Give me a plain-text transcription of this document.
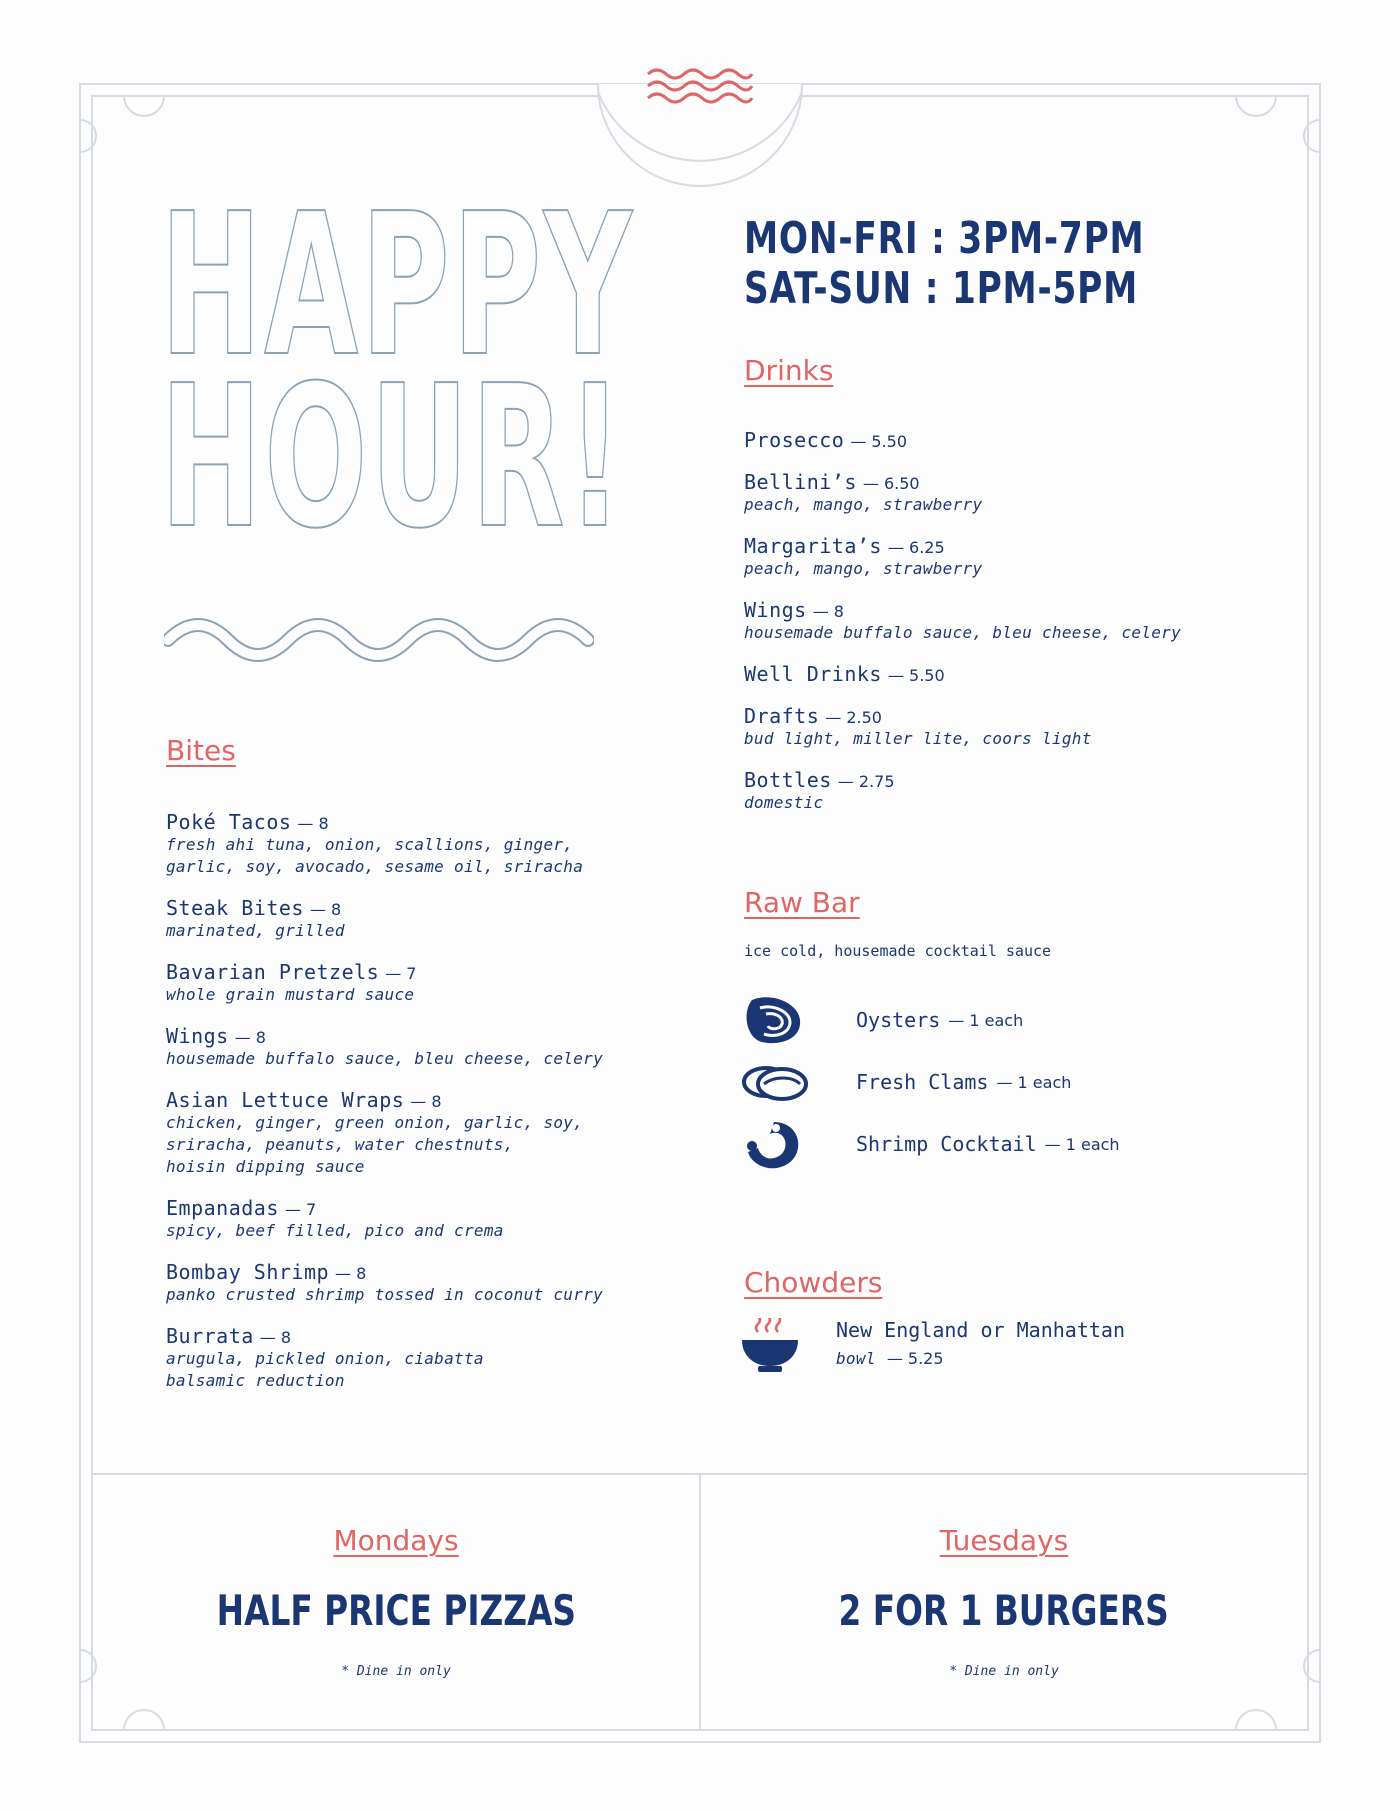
HAPPY
HOUR!
MON-FRI : 3PM-7PM
SAT-SUN : 1PM-5PM
Drinks
Prosecco — 5.50
Bellini’s — 6.50
peach, mango, strawberry
Margarita’s — 6.25
peach, mango, strawberry
Wings — 8
housemade buffalo sauce, bleu cheese, celery
Well Drinks — 5.50
Drafts — 2.50
bud light, miller lite, coors light
Bottles — 2.75
domestic
Bites
Poké Tacos — 8
fresh ahi tuna, onion, scallions, ginger,
garlic, soy, avocado, sesame oil, sriracha
Steak Bites — 8
marinated, grilled
Bavarian Pretzels — 7
whole grain mustard sauce
Wings — 8
housemade buffalo sauce, bleu cheese, celery
Asian Lettuce Wraps — 8
chicken, ginger, green onion, garlic, soy,
sriracha, peanuts, water chestnuts,
hoisin dipping sauce
Empanadas — 7
spicy, beef filled, pico and crema
Bombay Shrimp — 8
panko crusted shrimp tossed in coconut curry
Burrata — 8
arugula, pickled onion, ciabatta
balsamic reduction
Raw Bar
ice cold, housemade cocktail sauce
Oysters — 1 each
Fresh Clams — 1 each
Shrimp Cocktail — 1 each
Chowders
New England or Manhattan
bowl — 5.25
Mondays
HALF PRICE PIZZAS
* Dine in only
Tuesdays
2 FOR 1 BURGERS
* Dine in only
